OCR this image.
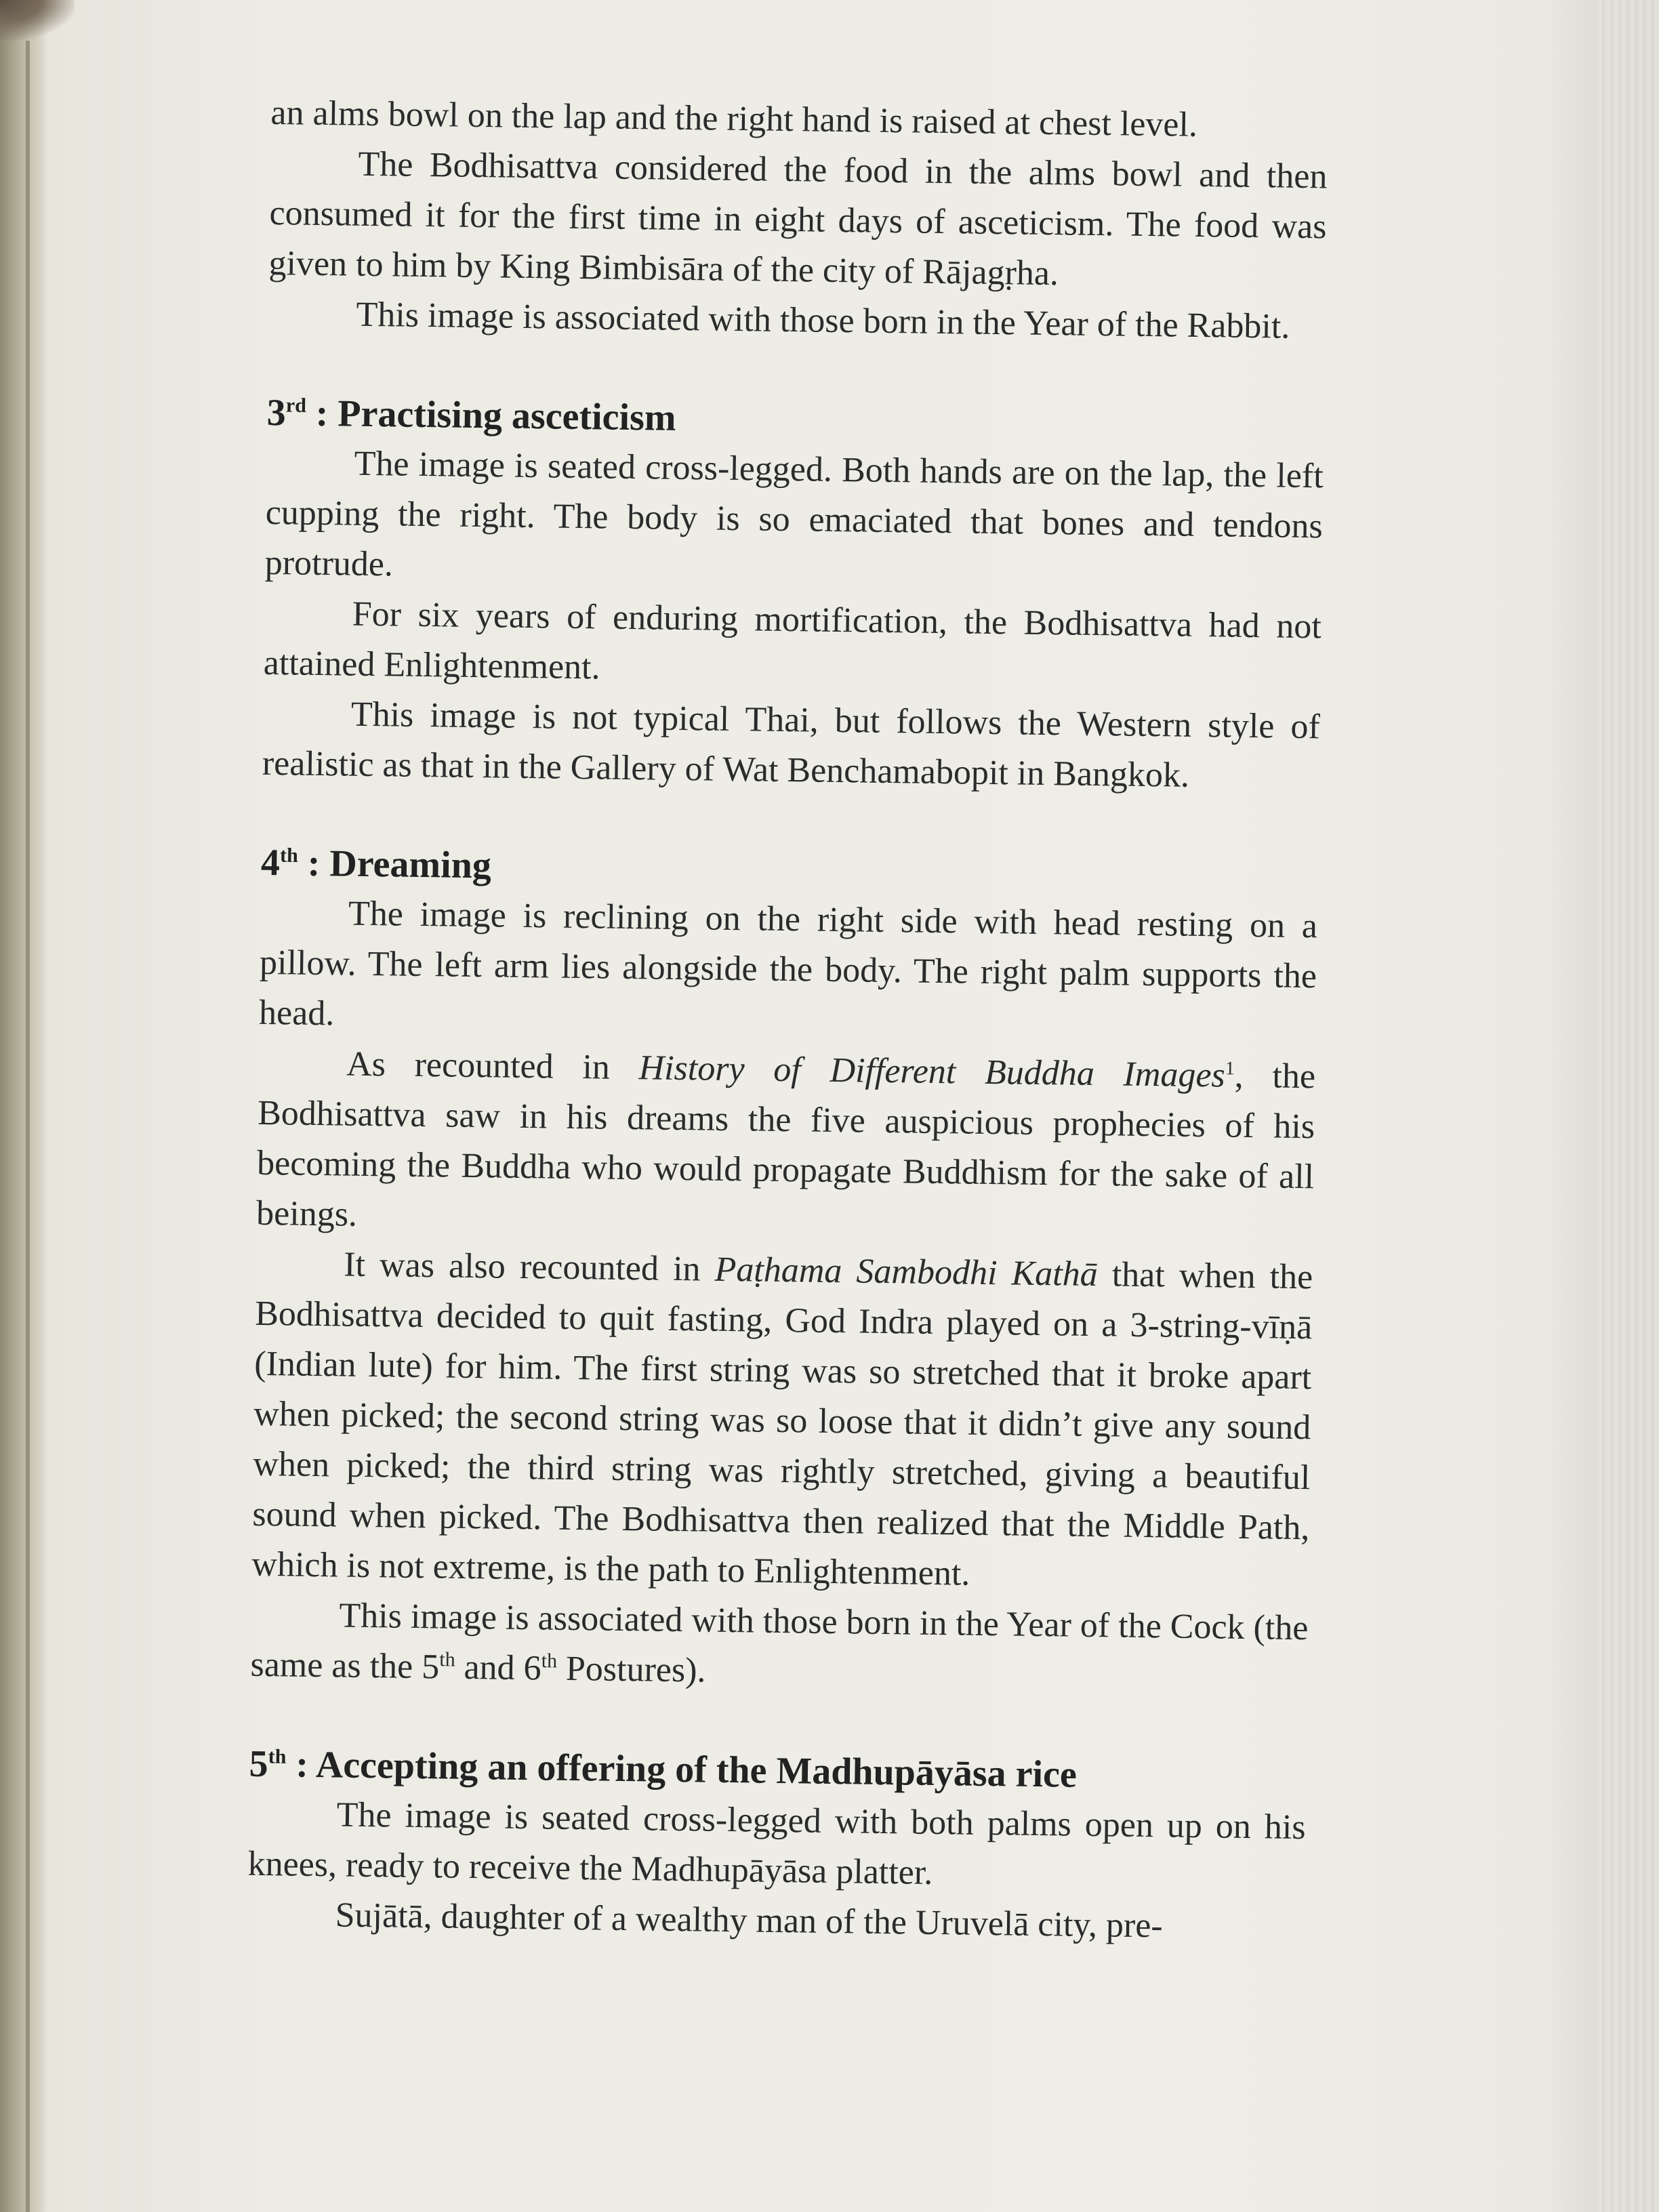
an alms bowl on the lap and the right hand is raised at chest level.

The Bodhisattva considered the food in the alms bowl and then consumed it for the first time in eight days of asceticism. The food was given to him by King Bimbisāra of the city of Rājagṛha.

This image is associated with those born in the Year of the Rabbit.

3rd : Practising asceticism

The image is seated cross-legged. Both hands are on the lap, the left cupping the right. The body is so emaciated that bones and tendons protrude.

For six years of enduring mortification, the Bodhisattva had not attained Enlightenment.

This image is not typical Thai, but follows the Western style of realistic as that in the Gallery of Wat Benchamabopit in Bangkok.

4th : Dreaming

The image is reclining on the right side with head resting on a pillow. The left arm lies alongside the body. The right palm supports the head.

As recounted in History of Different Buddha Images$^1$, the Bodhisattva saw in his dreams the five auspicious prophecies of his becoming the Buddha who would propagate Buddhism for the sake of all beings.

It was also recounted in Paṭhama Sambodhi Kathā that when the Bodhisattva decided to quit fasting, God Indra played on a 3-string-vīṇā (Indian lute) for him. The first string was so stretched that it broke apart when picked; the second string was so loose that it didn’t give any sound when picked; the third string was rightly stretched, giving a beautiful sound when picked. The Bodhisattva then realized that the Middle Path, which is not extreme, is the path to Enlightenment.

This image is associated with those born in the Year of the Cock (the same as the 5th and 6th Postures).

5th : Accepting an offering of the Madhupāyāsa rice

The image is seated cross-legged with both palms open up on his knees, ready to receive the Madhupāyāsa platter.

Sujātā, daughter of a wealthy man of the Uruvelā city, pre-
